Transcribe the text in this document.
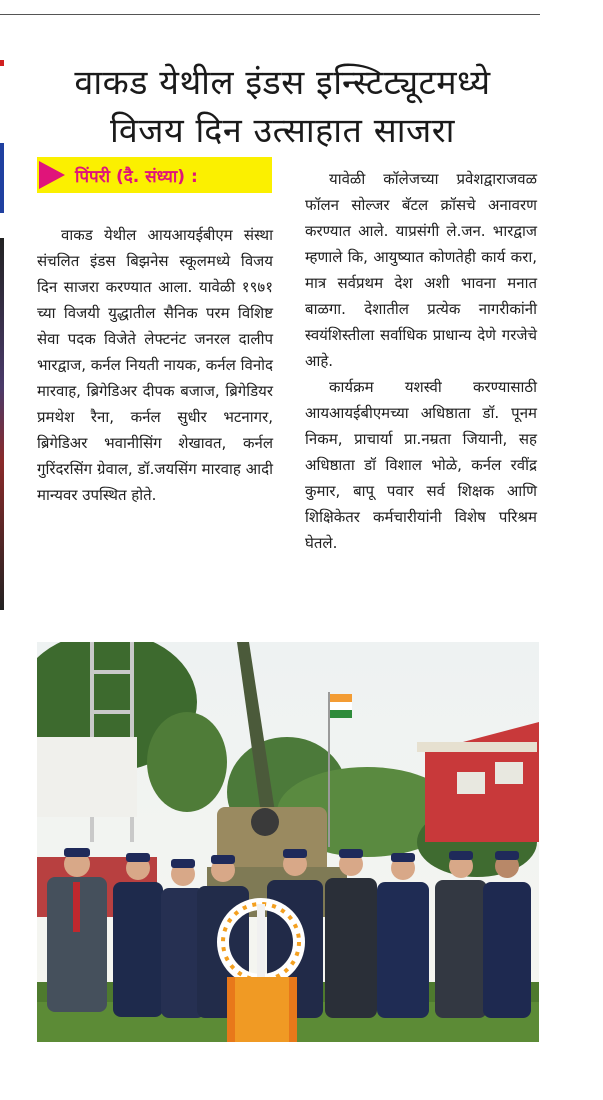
वाकड येथील इंडस इन्स्टिट्यूटमध्ये
विजय दिन उत्साहात साजरा
पिंपरी (दै. संध्या) :

वाकड येथील आयआयईबीएम संस्था संचलित इंडस बिझनेस स्कूलमध्ये विजय दिन साजरा करण्यात आला. यावेळी १९७१ च्या विजयी युद्धातील सैनिक परम विशिष्ट सेवा पदक विजेते लेफ्टनंट जनरल दालीप भारद्वाज, कर्नल नियती नायक, कर्नल विनोद मारवाह, ब्रिगेडिअर दीपक बजाज, ब्रिगेडियर प्रमथेश रैना, कर्नल सुधीर भटनागर, ब्रिगेडिअर भवानीसिंग शेखावत, कर्नल गुरिंदरसिंग ग्रेवाल, डॉ.जयसिंग मारवाह आदी मान्यवर उपस्थित होते.

यावेळी कॉलेजच्या प्रवेशद्वाराजवळ फॉलन सोल्जर बॅटल क्रॉसचे अनावरण करण्यात आले. याप्रसंगी ले.जन. भारद्वाज म्हणाले कि, आयुष्यात कोणतेही कार्य करा, मात्र सर्वप्रथम देश अशी भावना मनात बाळगा. देशातील प्रत्येक नागरीकांनी स्वयंशिस्तीला सर्वाधिक प्राधान्य देणे गरजेचे आहे.

कार्यक्रम यशस्वी करण्यासाठी आयआयईबीएमच्या अधिष्ठाता डॉ. पूनम निकम, प्राचार्या प्रा.नम्रता जियानी, सह अधिष्ठाता डॉ विशाल भोळे, कर्नल रवींद्र कुमार, बापू पवार सर्व शिक्षक आणि शिक्षिकेतर कर्मचारीयांनी विशेष परिश्रम घेतले.
